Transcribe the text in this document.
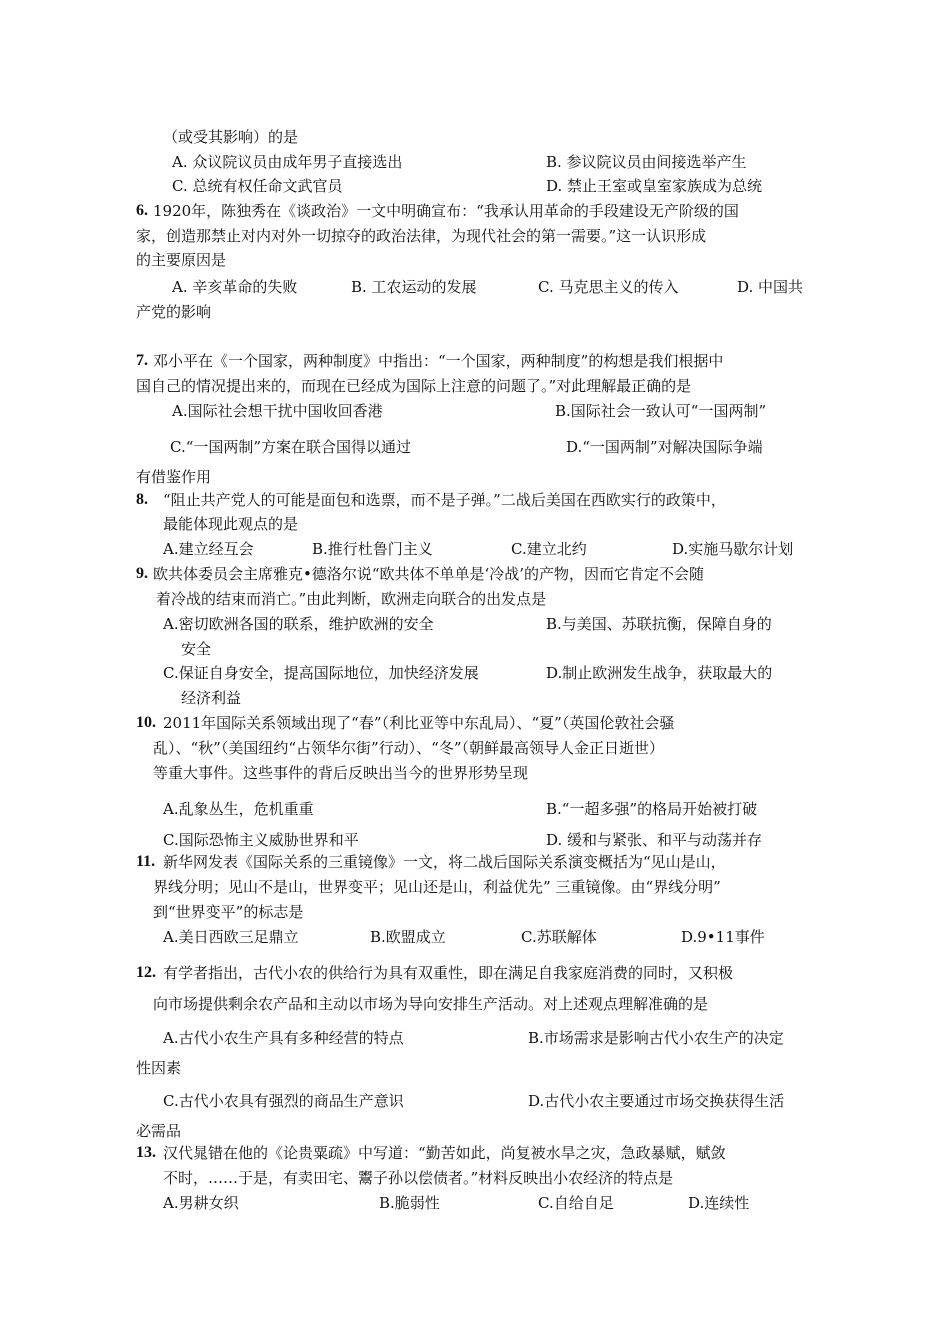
（或受其影响）的是
A. 众议院议员由成年男子直接选出	B. 参议院议员由间接选举产生
C. 总统有权任命文武官员	D. 禁止王室或皇室家族成为总统
6. 1920年，陈独秀在《谈政治》一文中明确宣布：“我承认用革命的手段建设无产阶级的国
家，创造那禁止对内对外一切掠夺的政治法律，为现代社会的第一需要。”这一认识形成
的主要原因是
A. 辛亥革命的失败	B. 工农运动的发展	C. 马克思主义的传入	D. 中国共
产党的影响
7. 邓小平在《一个国家，两种制度》中指出：“一个国家，两种制度”的构想是我们根据中
国自己的情况提出来的，而现在已经成为国际上注意的问题了。”对此理解最正确的是
A.国际社会想干扰中国收回香港	B.国际社会一致认可“一国两制”
C.“一国两制”方案在联合国得以通过	D.“一国两制”对解决国际争端
有借鉴作用
8. “阻止共产党人的可能是面包和选票，而不是子弹。”二战后美国在西欧实行的政策中，
最能体现此观点的是
A.建立经互会	B.推行杜鲁门主义	C.建立北约	D.实施马歇尔计划
9. 欧共体委员会主席雅克•德洛尔说“欧共体不单单是‘冷战’的产物，因而它肯定不会随
着冷战的结束而消亡。”由此判断，欧洲走向联合的出发点是
A.密切欧洲各国的联系，维护欧洲的安全	B.与美国、苏联抗衡，保障自身的
安全
C.保证自身安全，提高国际地位，加快经济发展	D.制止欧洲发生战争，获取最大的
经济利益
10. 2011年国际关系领域出现了“春”（利比亚等中东乱局）、“夏”（英国伦敦社会骚
乱）、“秋”（美国纽约“占领华尔街”行动）、“冬”（朝鲜最高领导人金正日逝世）
等重大事件。这些事件的背后反映出当今的世界形势呈现
A.乱象丛生，危机重重	B.“一超多强”的格局开始被打破
C.国际恐怖主义威胁世界和平	D. 缓和与紧张、和平与动荡并存
11. 新华网发表《国际关系的三重镜像》一文，将二战后国际关系演变概括为“见山是山，
界线分明；见山不是山，世界变平；见山还是山，利益优先” 三重镜像。由“界线分明”
到“世界变平”的标志是
A.美日西欧三足鼎立	B.欧盟成立	C.苏联解体	D.9•11事件
12. 有学者指出，古代小农的供给行为具有双重性，即在满足自我家庭消费的同时，又积极
向市场提供剩余农产品和主动以市场为导向安排生产活动。对上述观点理解准确的是
A.古代小农生产具有多种经营的特点	B.市场需求是影响古代小农生产的决定
性因素
C.古代小农具有强烈的商品生产意识	D.古代小农主要通过市场交换获得生活
必需品
13. 汉代晁错在他的《论贵粟疏》中写道：“勤苦如此，尚复被水旱之灾，急政暴赋，赋敛
不时，……于是，有卖田宅、鬻子孙以偿债者。”材料反映出小农经济的特点是
A.男耕女织	B.脆弱性	C.自给自足	D.连续性
